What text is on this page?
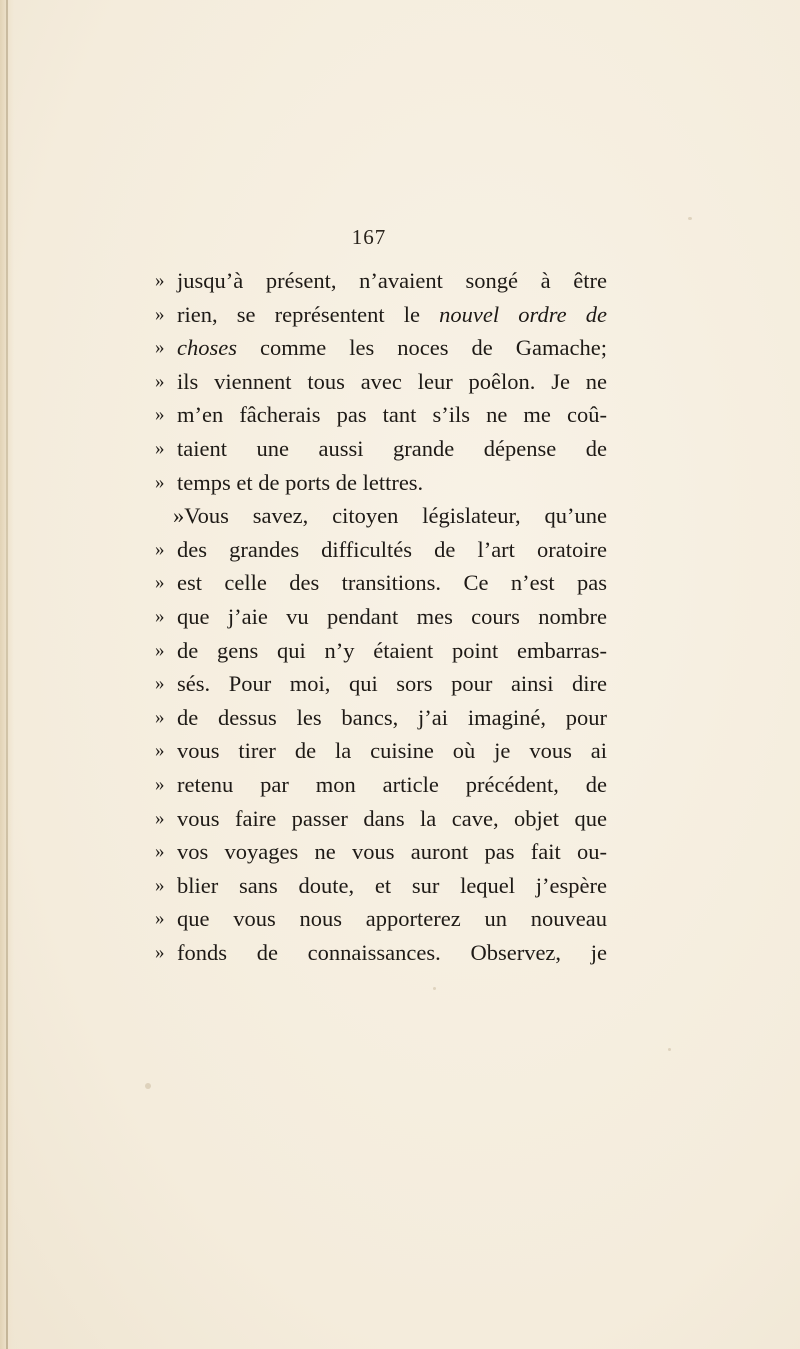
167
» jusqu’à présent, n’avaient songé à être
» rien, se représentent le nouvel ordre de
» choses comme les noces de Gamache;
» ils viennent tous avec leur poêlon. Je ne
» m’en fâcherais pas tant s’ils ne me coû-
» taient une aussi grande dépense de
» temps et de ports de lettres.
»Vous savez, citoyen législateur, qu’une
» des grandes difficultés de l’art oratoire
» est celle des transitions. Ce n’est pas
» que j’aie vu pendant mes cours nombre
» de gens qui n’y étaient point embarras-
» sés. Pour moi, qui sors pour ainsi dire
» de dessus les bancs, j’ai imaginé, pour
» vous tirer de la cuisine où je vous ai
» retenu par mon article précédent, de
» vous faire passer dans la cave, objet que
» vos voyages ne vous auront pas fait ou-
» blier sans doute, et sur lequel j’espère
» que vous nous apporterez un nouveau
» fonds de connaissances. Observez, je
